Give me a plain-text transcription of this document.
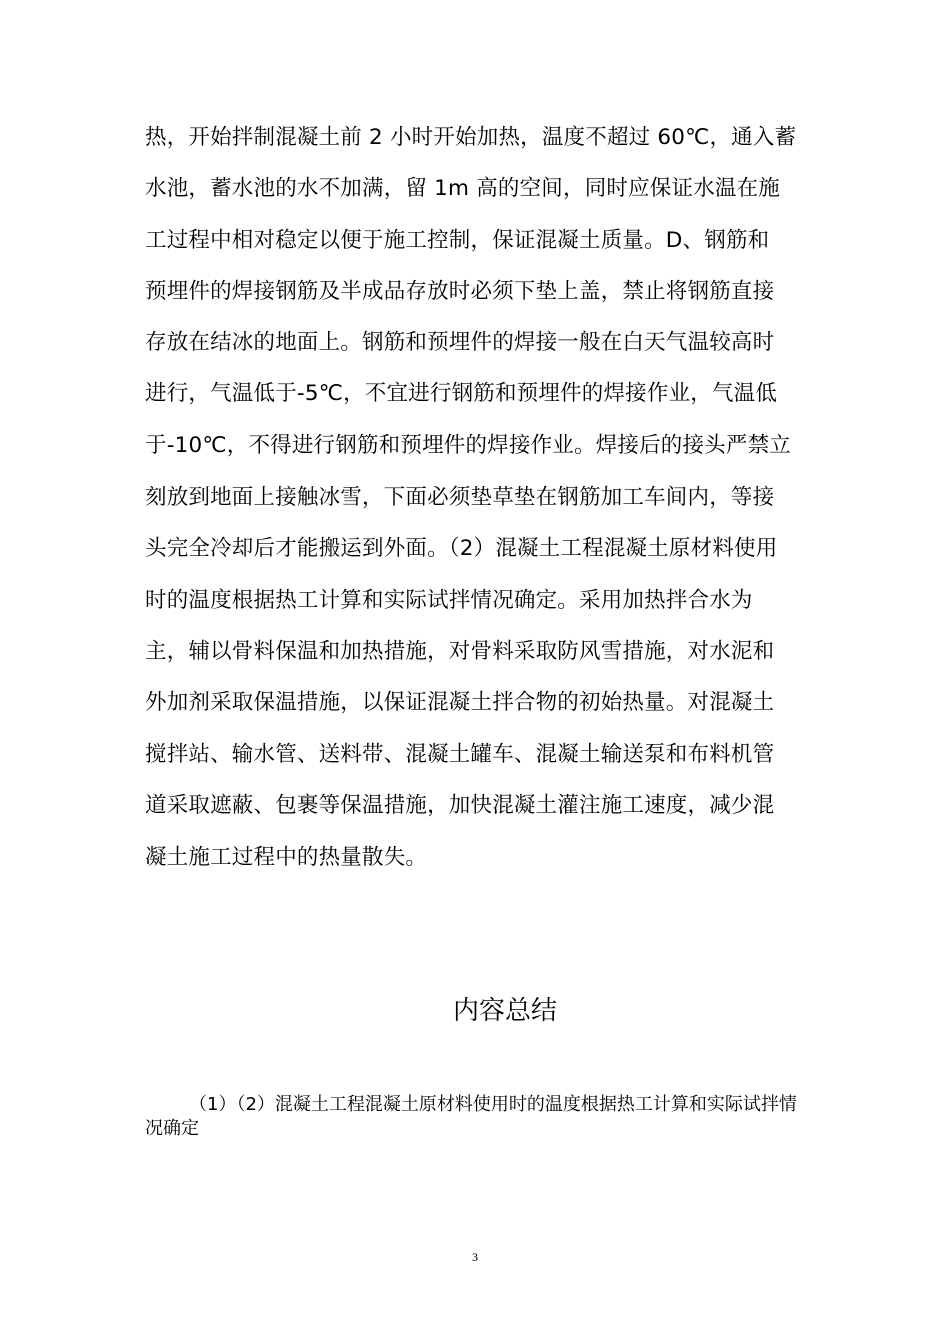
热，开始拌制混凝土前 2 小时开始加热，温度不超过 60℃，通入蓄
水池，蓄水池的水不加满，留 1m 高的空间，同时应保证水温在施
工过程中相对稳定以便于施工控制，保证混凝土质量。D、钢筋和
预埋件的焊接钢筋及半成品存放时必须下垫上盖，禁止将钢筋直接
存放在结冰的地面上。钢筋和预埋件的焊接一般在白天气温较高时
进行，气温低于-5℃，不宜进行钢筋和预埋件的焊接作业，气温低
于-10℃，不得进行钢筋和预埋件的焊接作业。焊接后的接头严禁立
刻放到地面上接触冰雪，下面必须垫草垫在钢筋加工车间内，等接
头完全冷却后才能搬运到外面。（2）混凝土工程混凝土原材料使用
时的温度根据热工计算和实际试拌情况确定。采用加热拌合水为
主，辅以骨料保温和加热措施，对骨料采取防风雪措施，对水泥和
外加剂采取保温措施，以保证混凝土拌合物的初始热量。对混凝土
搅拌站、输水管、送料带、混凝土罐车、混凝土输送泵和布料机管
道采取遮蔽、包裹等保温措施，加快混凝土灌注施工速度，减少混
凝土施工过程中的热量散失。
内容总结
（1）（2）混凝土工程混凝土原材料使用时的温度根据热工计算和实际试拌情况确定
3
